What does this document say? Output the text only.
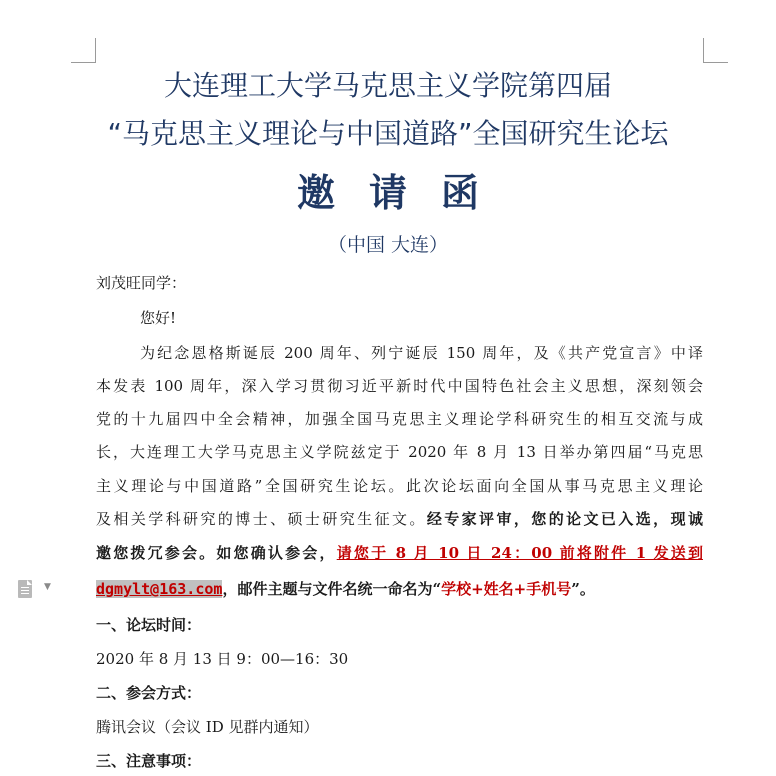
大连理工大学马克思主义学院第四届
“马克思主义理论与中国道路”全国研究生论坛
邀请函
（中国 大连）
刘茂旺同学：
您好!
为纪念恩格斯诞辰 200 周年、列宁诞辰 150 周年，及《共产党宣言》中译
本发表 100 周年，深入学习贯彻习近平新时代中国特色社会主义思想，深刻领会
党的十九届四中全会精神，加强全国马克思主义理论学科研究生的相互交流与成
长，大连理工大学马克思主义学院兹定于 2020 年 8 月 13 日举办第四届“马克思
主义理论与中国道路”全国研究生论坛。此次论坛面向全国从事马克思主义理论
及相关学科研究的博士、硕士研究生征文。经专家评审，您的论文已入选，现诚
邀您拨冗参会。如您确认参会，请您于 8 月 10 日 24：00 前将附件 1 发送到
dgmylt@163.com，邮件主题与文件名统一命名为“学校+姓名+手机号”。
一、论坛时间：
2020 年 8 月 13 日 9：00—16：30
二、参会方式：
腾讯会议（会议 ID 见群内通知）
三、注意事项：
▼
